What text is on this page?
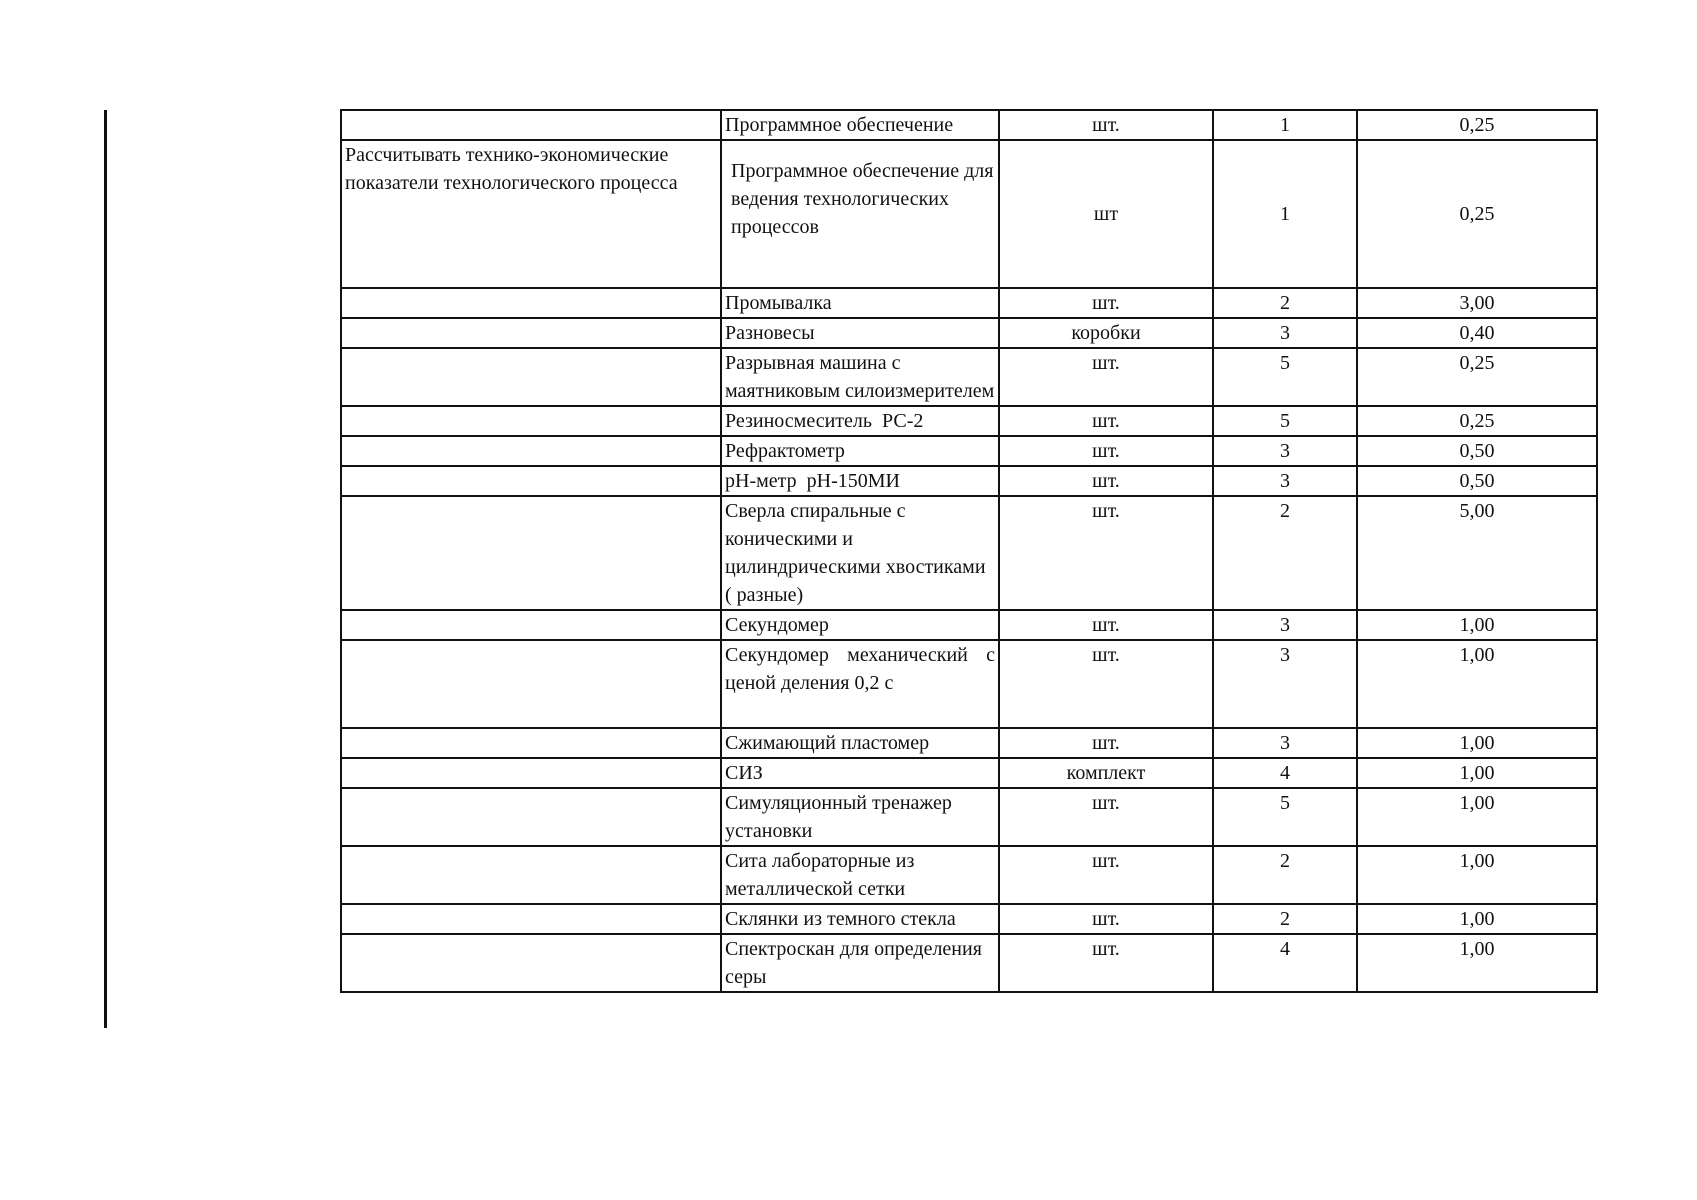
	Программное обеспечение	шт.	1	0,25
Рассчитывать технико-экономические показатели технологического процесса	Программное обеспечение для ведения технологических процессов	шт	1	0,25
	Промывалка	шт.	2	3,00
	Разновесы	коробки	3	0,40
	Разрывная машина с маятниковым силоизмерителем	шт.	5	0,25
	Резиносмеситель  РС-2	шт.	5	0,25
	Рефрактометр	шт.	3	0,50
	рН-метр  рН-150МИ	шт.	3	0,50
	Сверла спиральные с коническими и цилиндрическими хвостиками ( разные)	шт.	2	5,00
	Секундомер	шт.	3	1,00
	Секундомер механический с ценой деления 0,2 с	шт.	3	1,00
	Сжимающий пластомер	шт.	3	1,00
	СИЗ	комплект	4	1,00
	Симуляционный тренажер установки	шт.	5	1,00
	Сита лабораторные из металлической сетки	шт.	2	1,00
	Склянки из темного стекла	шт.	2	1,00
	Спектроскан для определения серы	шт.	4	1,00
